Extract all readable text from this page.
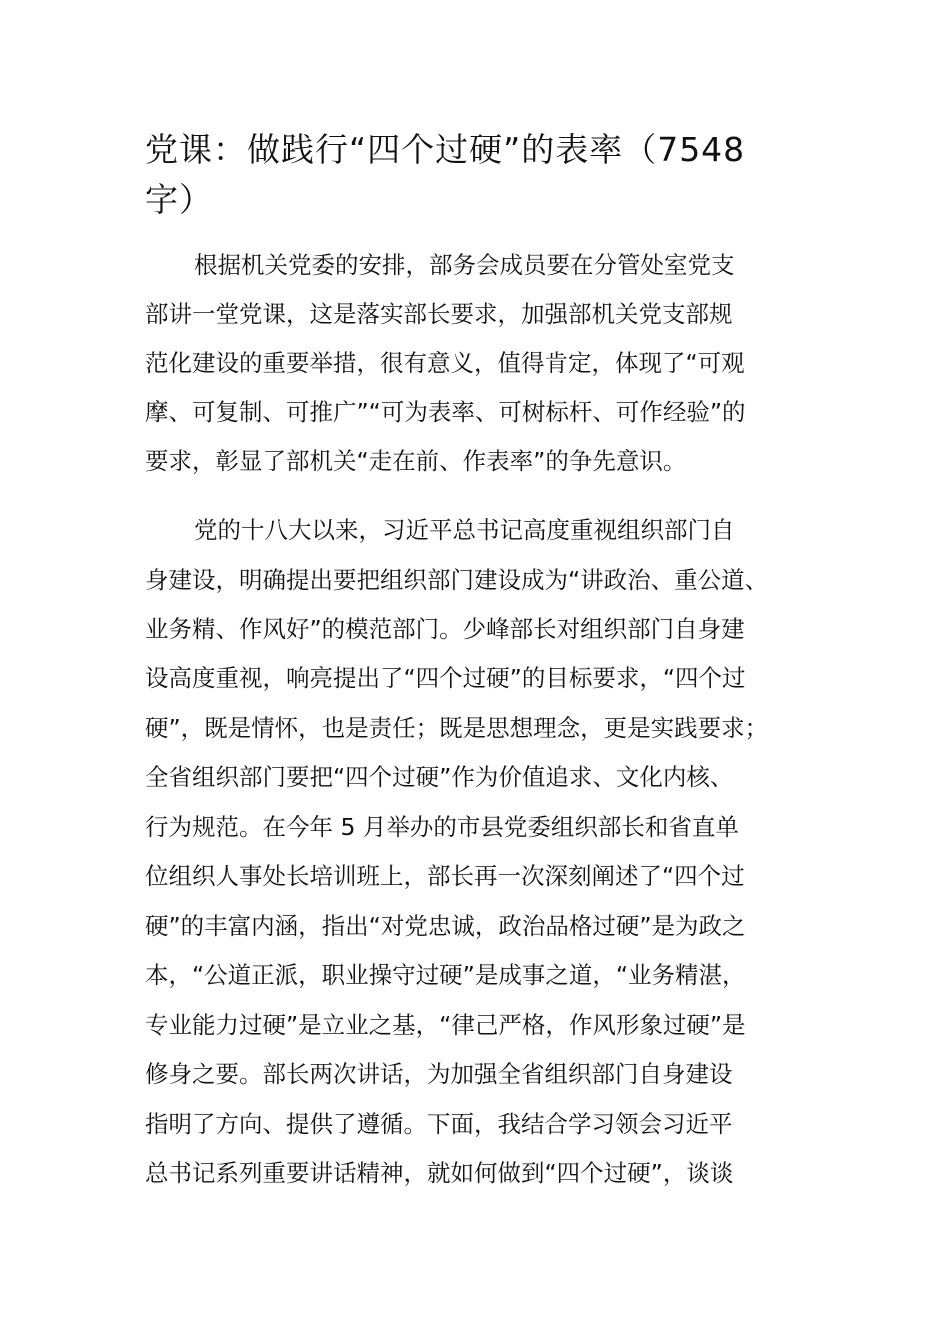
党课：做践行“四个过硬”的表率（7548
字）
根据机关党委的安排，部务会成员要在分管处室党支
部讲一堂党课，这是落实部长要求，加强部机关党支部规
范化建设的重要举措，很有意义，值得肯定，体现了“可观
摩、可复制、可推广”“可为表率、可树标杆、可作经验”的
要求，彰显了部机关“走在前、作表率”的争先意识。
党的十八大以来，习近平总书记高度重视组织部门自
身建设，明确提出要把组织部门建设成为“讲政治、重公道、
业务精、作风好”的模范部门。少峰部长对组织部门自身建
设高度重视，响亮提出了“四个过硬”的目标要求，“四个过
硬”，既是情怀，也是责任；既是思想理念，更是实践要求；
全省组织部门要把“四个过硬”作为价值追求、文化内核、
行为规范。在今年 5 月举办的市县党委组织部长和省直单
位组织人事处长培训班上，部长再一次深刻阐述了“四个过
硬”的丰富内涵，指出“对党忠诚，政治品格过硬”是为政之
本，“公道正派，职业操守过硬”是成事之道，“业务精湛，
专业能力过硬”是立业之基，“律己严格，作风形象过硬”是
修身之要。部长两次讲话，为加强全省组织部门自身建设
指明了方向、提供了遵循。下面，我结合学习领会习近平
总书记系列重要讲话精神，就如何做到“四个过硬”，谈谈
